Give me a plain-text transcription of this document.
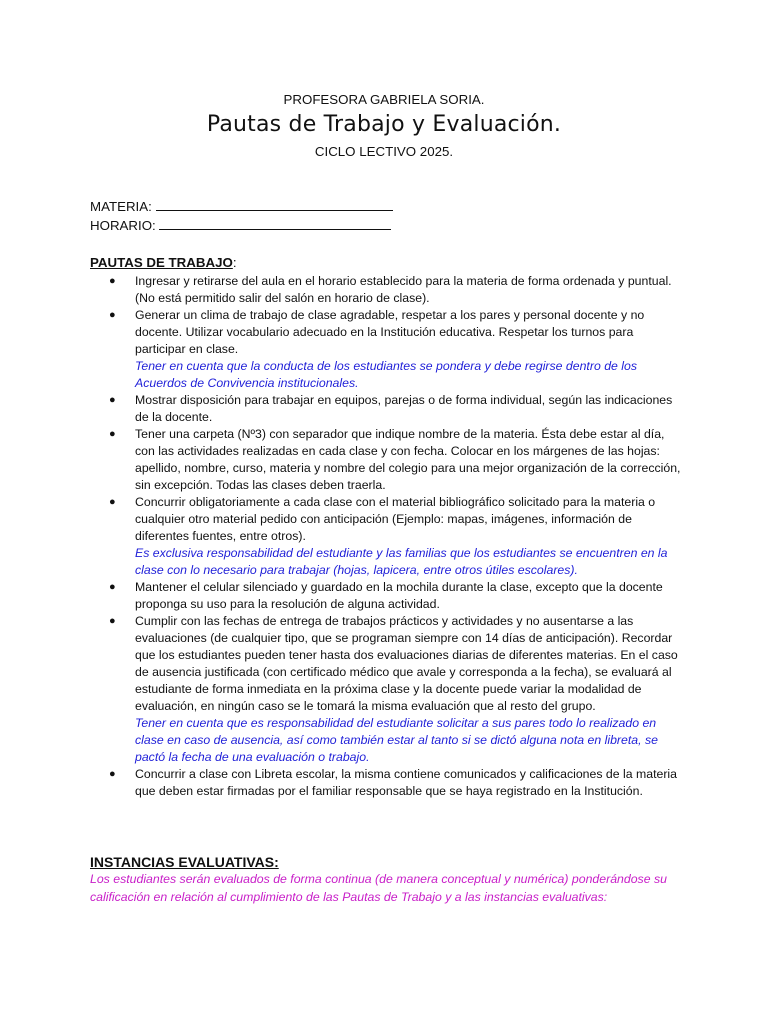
PROFESORA GABRIELA SORIA.
Pautas de Trabajo y Evaluación.
CICLO LECTIVO 2025.
MATERIA:
HORARIO:
PAUTAS DE TRABAJO:
● Ingresar y retirarse del aula en el horario establecido para la materia de forma ordenada y puntual. (No está permitido salir del salón en horario de clase).
● Generar un clima de trabajo de clase agradable, respetar a los pares y personal docente y no docente. Utilizar vocabulario adecuado en la Institución educativa. Respetar los turnos para participar en clase.
Tener en cuenta que la conducta de los estudiantes se pondera y debe regirse dentro de los Acuerdos de Convivencia institucionales.
● Mostrar disposición para trabajar en equipos, parejas o de forma individual, según las indicaciones de la docente.
● Tener una carpeta (Nº3) con separador que indique nombre de la materia. Ésta debe estar al día, con las actividades realizadas en cada clase y con fecha. Colocar en los márgenes de las hojas: apellido, nombre, curso, materia y nombre del colegio para una mejor organización de la corrección, sin excepción. Todas las clases deben traerla.
● Concurrir obligatoriamente a cada clase con el material bibliográfico solicitado para la materia o cualquier otro material pedido con anticipación (Ejemplo: mapas, imágenes, información de diferentes fuentes, entre otros).
Es exclusiva responsabilidad del estudiante y las familias que los estudiantes se encuentren en la clase con lo necesario para trabajar (hojas, lapicera, entre otros útiles escolares).
● Mantener el celular silenciado y guardado en la mochila durante la clase, excepto que la docente proponga su uso para la resolución de alguna actividad.
● Cumplir con las fechas de entrega de trabajos prácticos y actividades y no ausentarse a las evaluaciones (de cualquier tipo, que se programan siempre con 14 días de anticipación). Recordar que los estudiantes pueden tener hasta dos evaluaciones diarias de diferentes materias. En el caso de ausencia justificada (con certificado médico que avale y corresponda a la fecha), se evaluará al estudiante de forma inmediata en la próxima clase y la docente puede variar la modalidad de evaluación, en ningún caso se le tomará la misma evaluación que al resto del grupo.
Tener en cuenta que es responsabilidad del estudiante solicitar a sus pares todo lo realizado en clase en caso de ausencia, así como también estar al tanto si se dictó alguna nota en libreta, se pactó la fecha de una evaluación o trabajo.
● Concurrir a clase con Libreta escolar, la misma contiene comunicados y calificaciones de la materia que deben estar firmadas por el familiar responsable que se haya registrado en la Institución.
INSTANCIAS EVALUATIVAS:
Los estudiantes serán evaluados de forma continua (de manera conceptual y numérica) ponderándose su calificación en relación al cumplimiento de las Pautas de Trabajo y a las instancias evaluativas:
